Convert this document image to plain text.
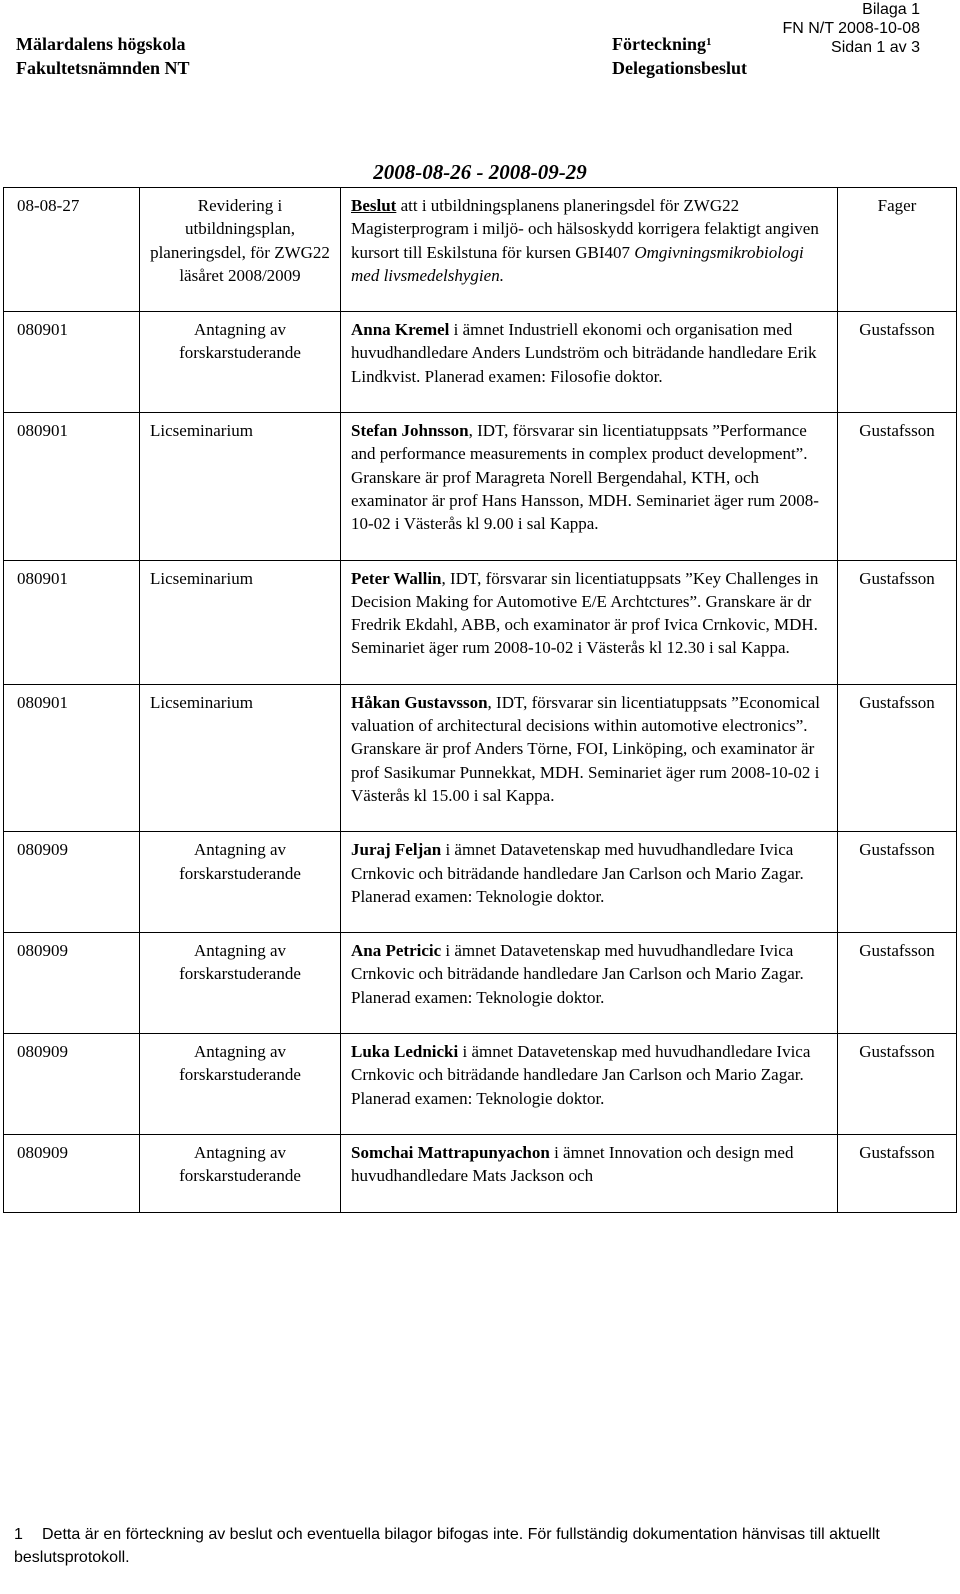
Bilaga 1
FN N/T 2008-10-08
Sidan 1 av 3
Mälardalens högskola
Fakultetsnämnden NT
Förteckning$^1$
Delegationsbeslut
2008-08-26 - 2008-09-29
08-08-27	Revidering i utbildningsplan, planeringsdel, för ZWG22 läsåret 2008/2009	Beslut att i utbildningsplanens planeringsdel för ZWG22 Magisterprogram i miljö- och hälsoskydd korrigera felaktigt angiven kursort till Eskilstuna för kursen GBI407 Omgivningsmikrobiologi med livsmedelshygien.	Fager
080901	Antagning av forskarstuderande	Anna Kremel i ämnet Industriell ekonomi och organisation med huvudhandledare Anders Lundström och biträdande handledare Erik Lindkvist. Planerad examen: Filosofie doktor.	Gustafsson
080901	Licseminarium	Stefan Johnsson, IDT, försvarar sin licentiatuppsats ”Performance and performance measurements in complex product development”. Granskare är prof Maragreta Norell Bergendahal, KTH, och examinator är prof Hans Hansson, MDH. Seminariet äger rum 2008-10-02 i Västerås kl 9.00 i sal Kappa.	Gustafsson
080901	Licseminarium	Peter Wallin, IDT, försvarar sin licentiatuppsats ”Key Challenges in Decision Making for Automotive E/E Archtctures”. Granskare är dr Fredrik Ekdahl, ABB, och examinator är prof Ivica Crnkovic, MDH. Seminariet äger rum 2008-10-02 i Västerås kl 12.30 i sal Kappa.	Gustafsson
080901	Licseminarium	Håkan Gustavsson, IDT, försvarar sin licentiatuppsats ”Economical valuation of architectural decisions within automotive electronics”. Granskare är prof Anders Törne, FOI, Linköping, och examinator är prof Sasikumar Punnekkat, MDH. Seminariet äger rum 2008-10-02 i Västerås kl 15.00 i sal Kappa.	Gustafsson
080909	Antagning av forskarstuderande	Juraj Feljan i ämnet Datavetenskap med huvudhandledare Ivica Crnkovic och biträdande handledare Jan Carlson och Mario Zagar. Planerad examen: Teknologie doktor.	Gustafsson
080909	Antagning av forskarstuderande	Ana Petricic i ämnet Datavetenskap med huvudhandledare Ivica Crnkovic och biträdande handledare Jan Carlson och Mario Zagar. Planerad examen: Teknologie doktor.	Gustafsson
080909	Antagning av forskarstuderande	Luka Lednicki i ämnet Datavetenskap med huvudhandledare Ivica Crnkovic och biträdande handledare Jan Carlson och Mario Zagar. Planerad examen: Teknologie doktor.	Gustafsson
080909	Antagning av forskarstuderande	Somchai Mattrapunyachon i ämnet Innovation och design med huvudhandledare Mats Jackson och	Gustafsson
1 Detta är en förteckning av beslut och eventuella bilagor bifogas inte. För fullständig dokumentation hänvisas till aktuellt beslutsprotokoll.
